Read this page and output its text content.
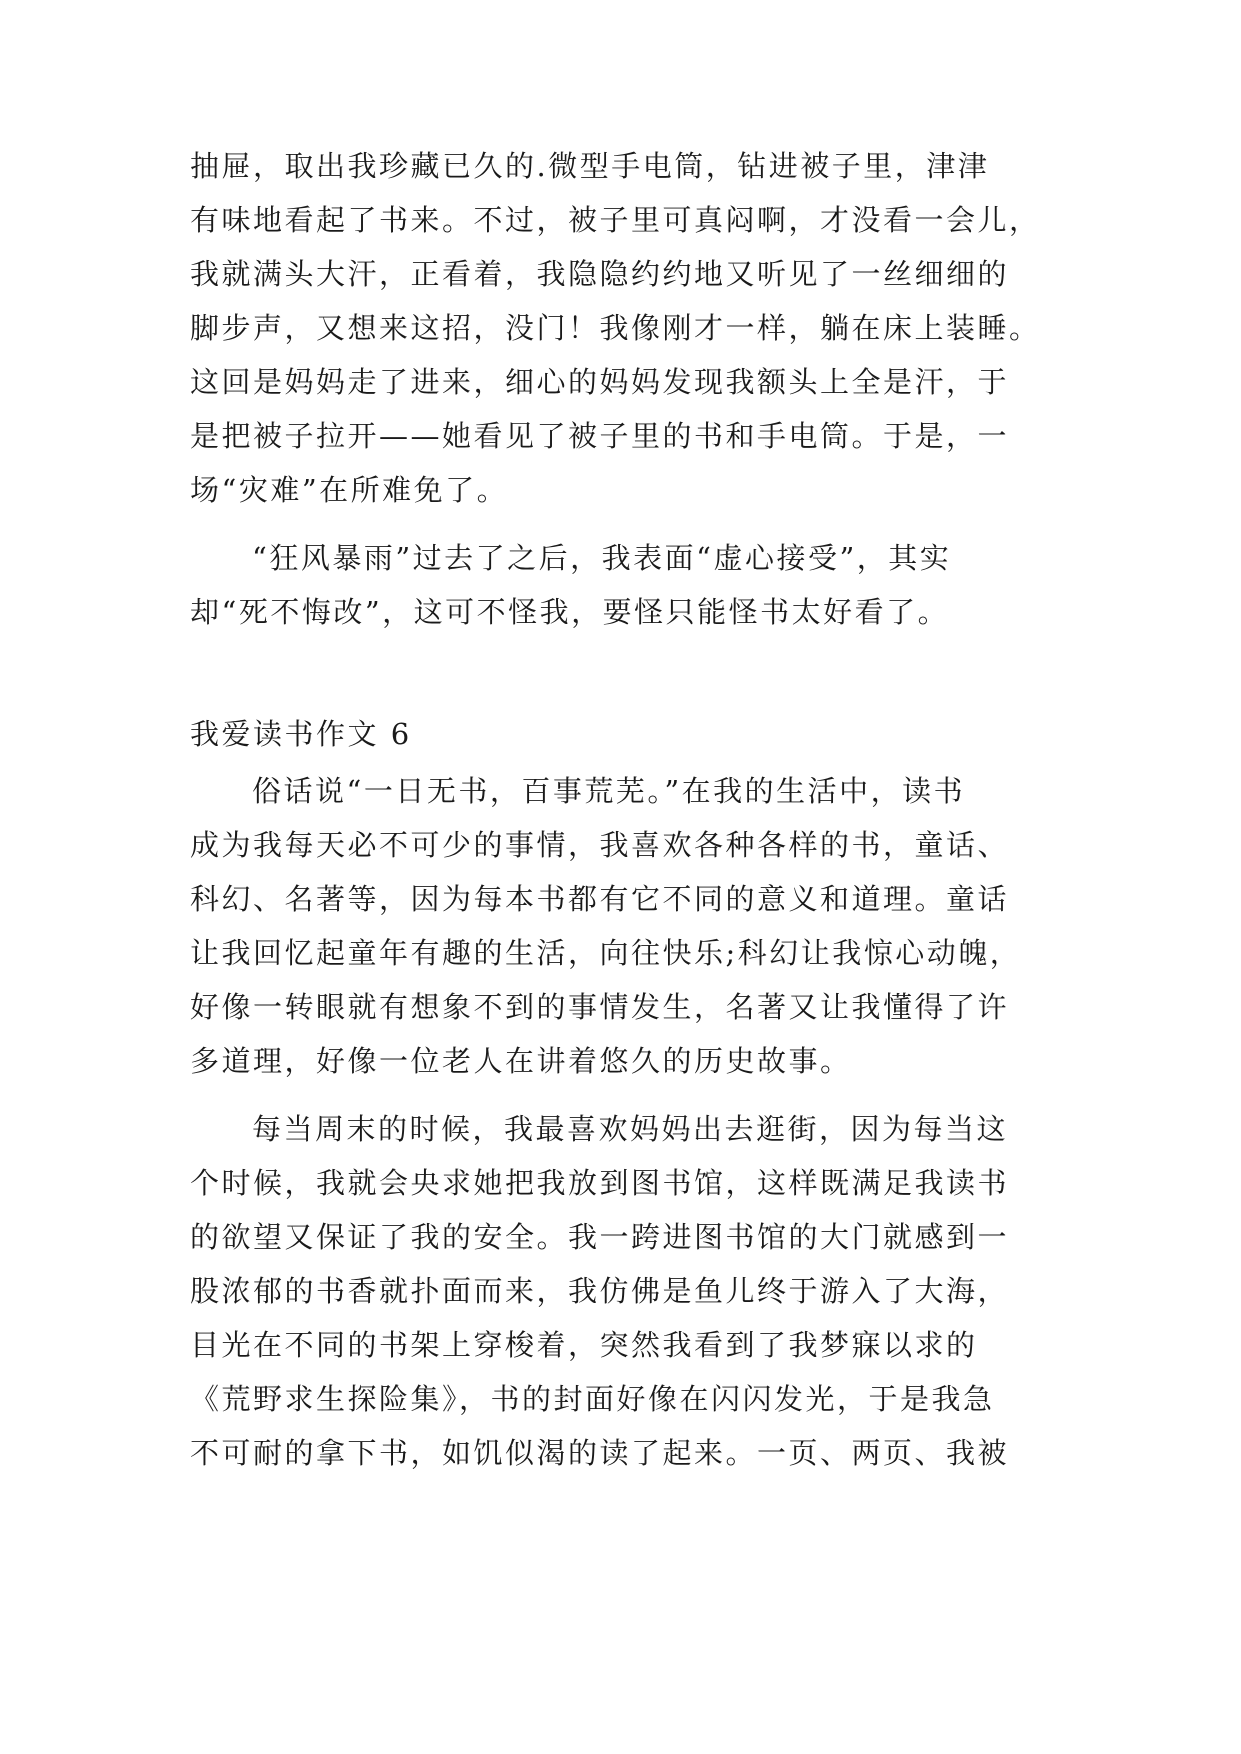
抽屉，取出我珍藏已久的.微型手电筒，钻进被子里，津津
有味地看起了书来。不过，被子里可真闷啊，才没看一会儿，
我就满头大汗，正看着，我隐隐约约地又听见了一丝细细的
脚步声，又想来这招，没门！我像刚才一样，躺在床上装睡。
这回是妈妈走了进来，细心的妈妈发现我额头上全是汗，于
是把被子拉开——她看见了被子里的书和手电筒。于是，一
场“灾难”在所难免了。
“狂风暴雨”过去了之后，我表面“虚心接受”，其实
却“死不悔改”，这可不怪我，要怪只能怪书太好看了。
我爱读书作文 6
俗话说“一日无书，百事荒芜。”在我的生活中，读书
成为我每天必不可少的事情，我喜欢各种各样的书，童话、
科幻、名著等，因为每本书都有它不同的意义和道理。童话
让我回忆起童年有趣的生活，向往快乐;科幻让我惊心动魄，
好像一转眼就有想象不到的事情发生，名著又让我懂得了许
多道理，好像一位老人在讲着悠久的历史故事。
每当周末的时候，我最喜欢妈妈出去逛街，因为每当这
个时候，我就会央求她把我放到图书馆，这样既满足我读书
的欲望又保证了我的安全。我一跨进图书馆的大门就感到一
股浓郁的书香就扑面而来，我仿佛是鱼儿终于游入了大海，
目光在不同的书架上穿梭着，突然我看到了我梦寐以求的
《荒野求生探险集》，书的封面好像在闪闪发光，于是我急
不可耐的拿下书，如饥似渴的读了起来。一页、两页、我被
